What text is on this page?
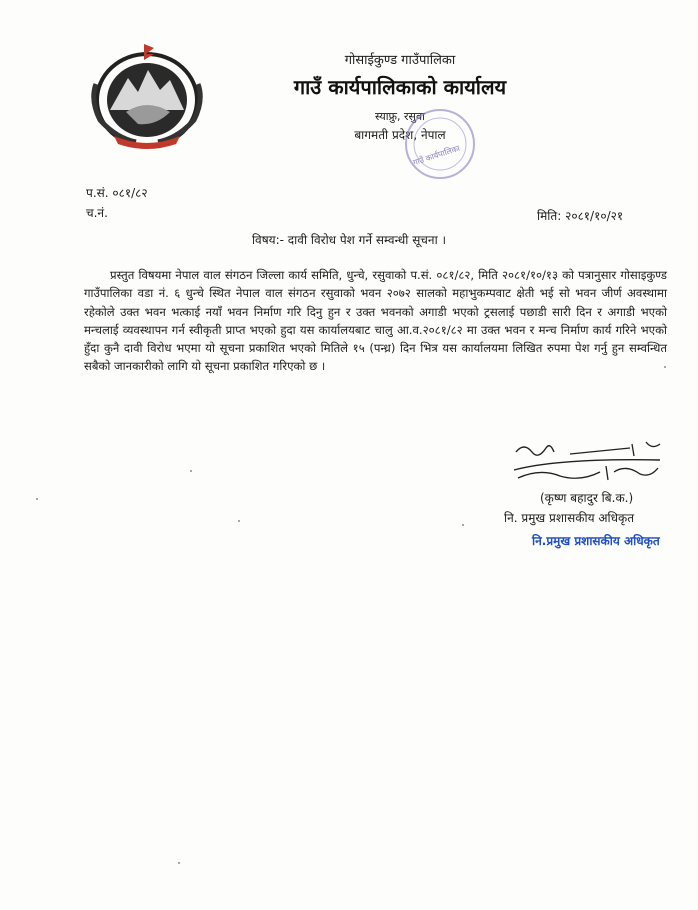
गोसाईकुण्ड गाउँपालिका
गाउँ कार्यपालिकाको कार्यालय
स्याफ्रु, रसुवा
बागमती प्रदेश, नेपाल
गाउँ कार्यपालिका
प.सं. ०८१/८२
च.नं.	मिति: २०८१/१०/२१
विषय:- दावी विरोध पेश गर्ने सम्वन्धी सूचना ।

प्रस्तुत विषयमा नेपाल वाल संगठन जिल्ला कार्य समिति, धुन्चे, रसुवाको प.सं. ०८१/८२, मिति २०८१/१०/१३ को पत्रानुसार गोसाइकुण्ड गाउँपालिका वडा नं. ६ धुन्चे स्थित नेपाल वाल संगठन रसुवाको भवन २०७२ सालको महाभुकम्पवाट क्षेती भई सो भवन जीर्ण अवस्थामा रहेकोले उक्त भवन भत्काई नयाँ भवन निर्माण गरि दिनु हुन र उक्त भवनको अगाडी भएको ट्रसलाई पछाडी सारी दिन र अगाडी भएको मन्चलाई व्यवस्थापन गर्न स्वीकृती प्राप्त भएको हुदा यस कार्यालयबाट चालु आ.व.२०८१/८२ मा उक्त भवन र मन्च निर्माण कार्य गरिने भएको हुँदा कुनै दावी विरोध भएमा यो सूचना प्रकाशित भएको मितिले १५ (पन्ध्र) दिन भित्र यस कार्यालयमा लिखित रुपमा पेश गर्नु हुन सम्वन्धित सबैको जानकारीको लागि यो सूचना प्रकाशित गरिएको छ ।

(कृष्ण बहादुर बि.क.)
नि. प्रमुख प्रशासकीय अधिकृत
नि.प्रमुख प्रशासकीय अधिकृत
